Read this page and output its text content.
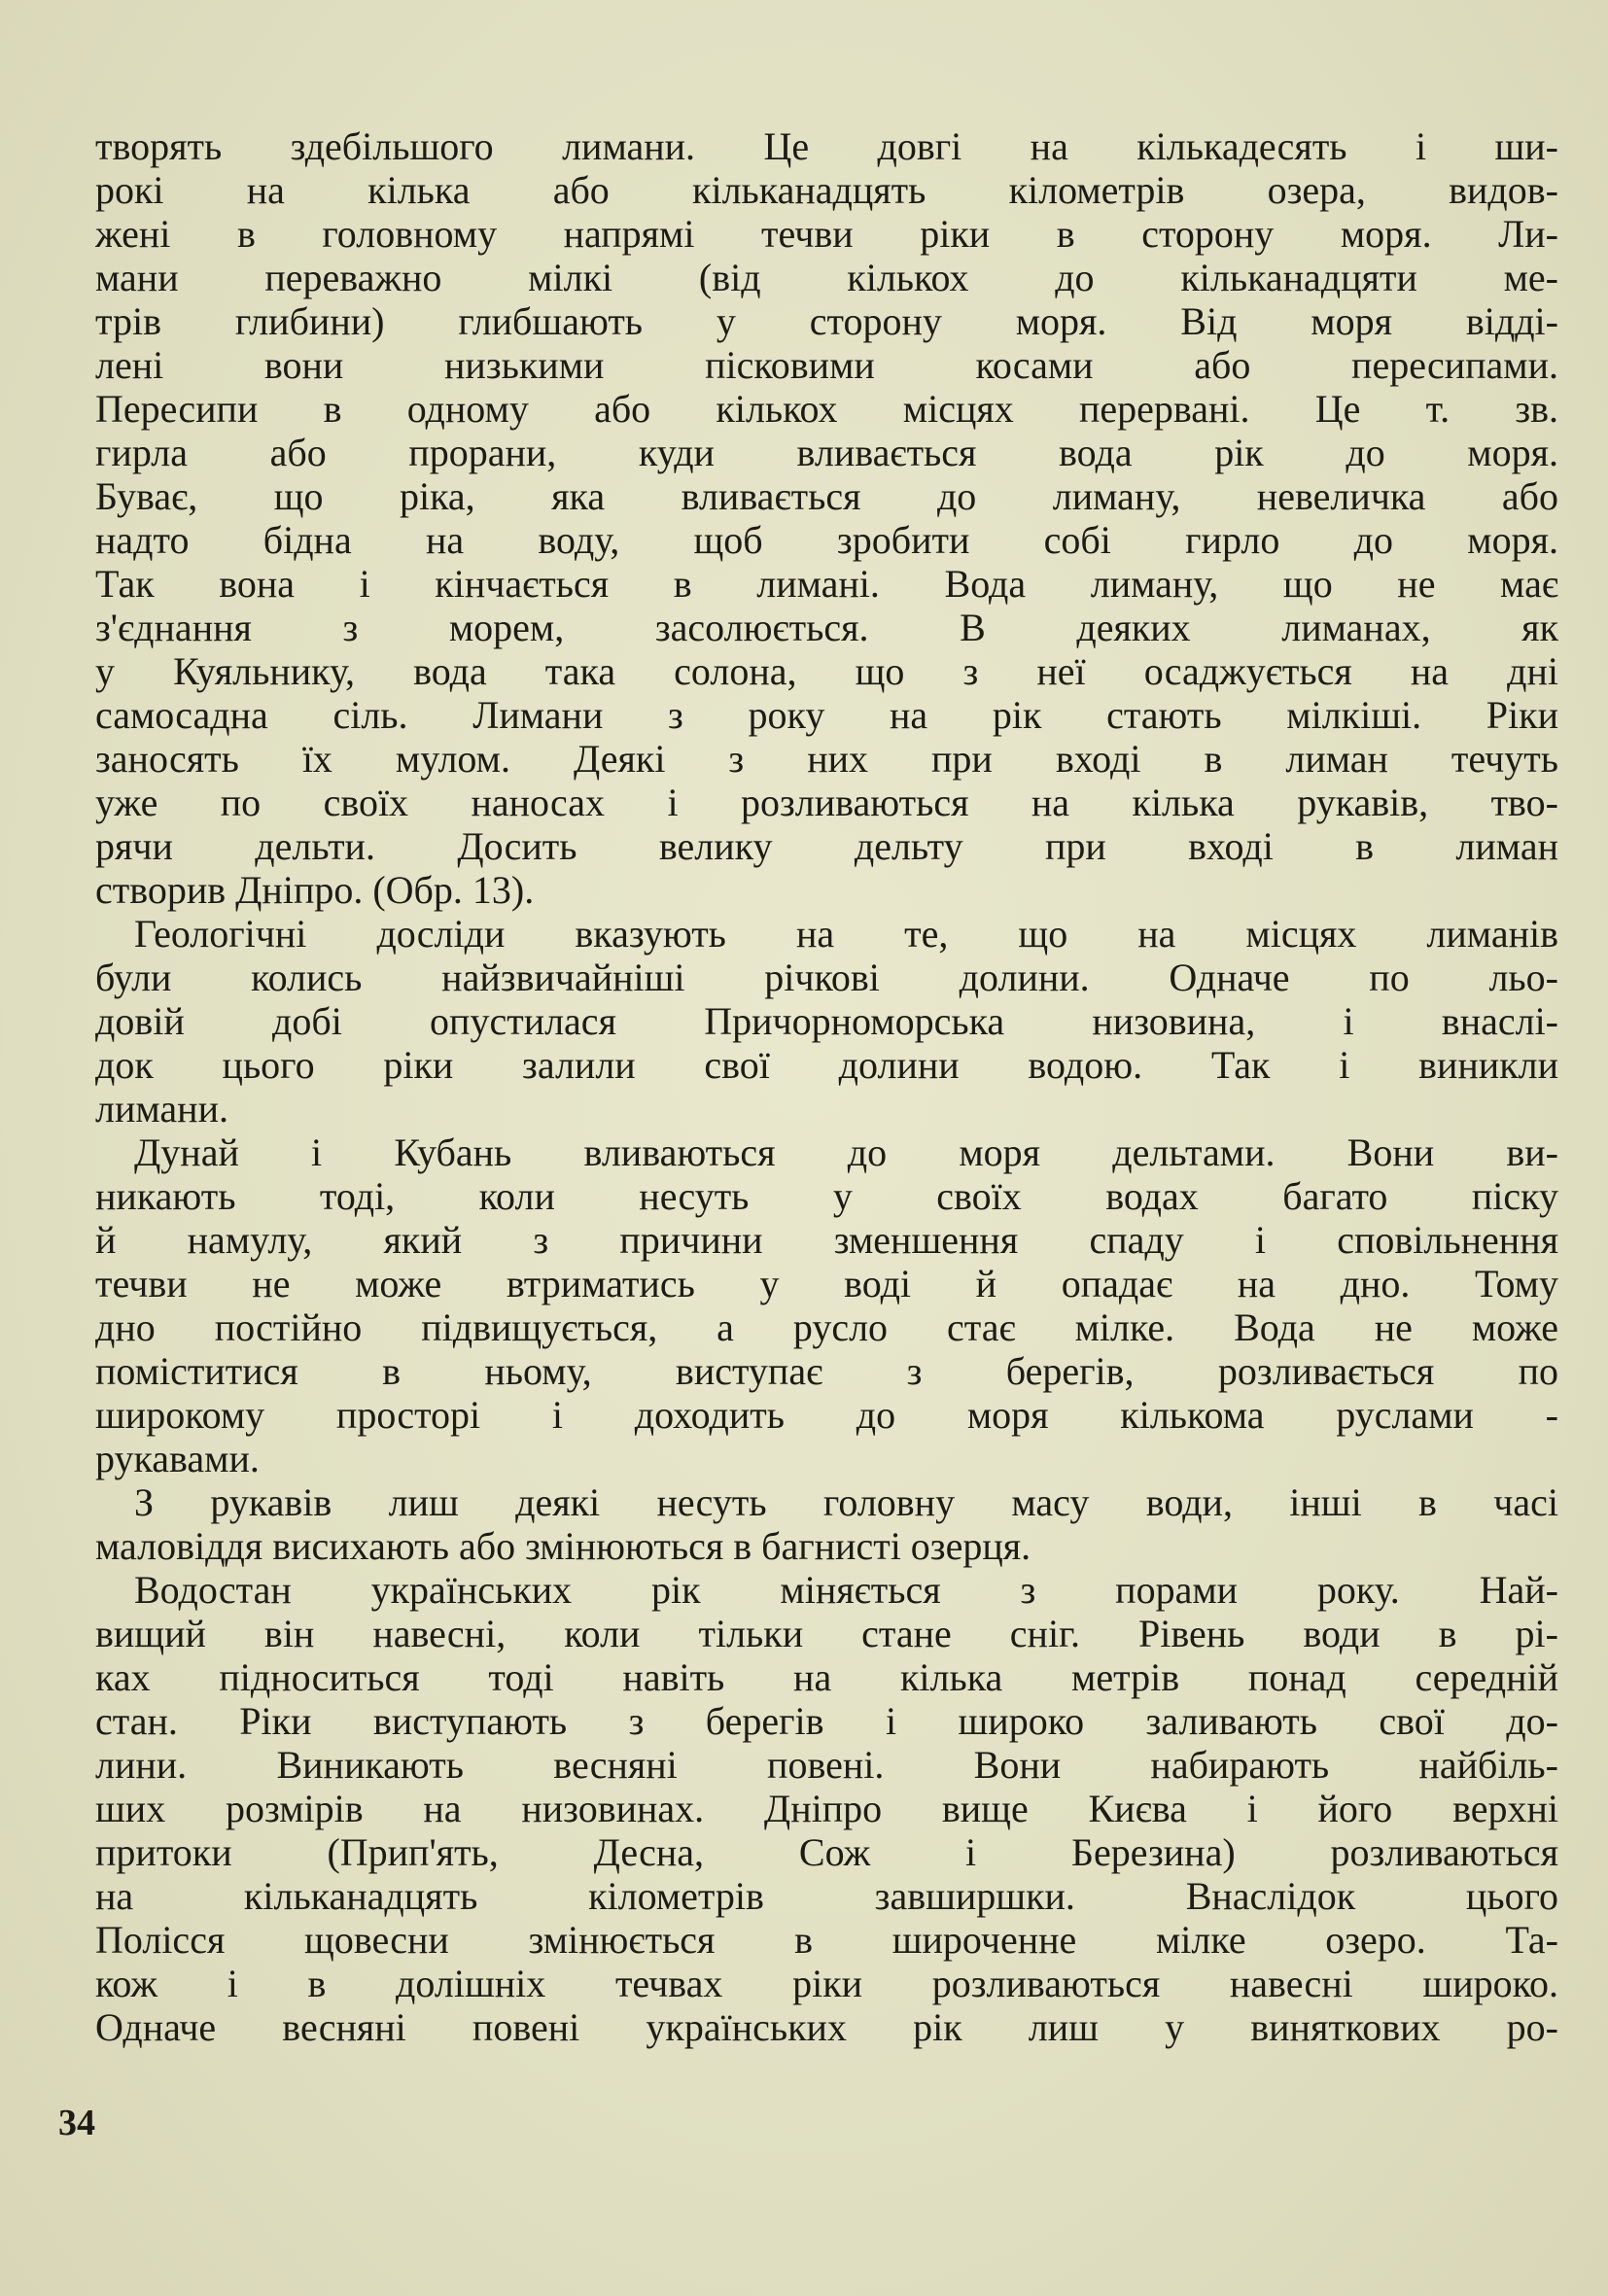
творять здебільшого лимани. Це довгі на кількадесять і ши-
рокі на кілька або кільканадцять кілометрів озера, видов-
жені в головному напрямі течви ріки в сторону моря. Ли-
мани переважно мілкі (від кількох до кільканадцяти ме-
трів глибини) глибшають у сторону моря. Від моря відді-
лені вони низькими пісковими косами або пересипами.
Пересипи в одному або кількох місцях перервані. Це т. зв.
гирла або прорани, куди вливається вода рік до моря.
Буває, що ріка, яка вливається до лиману, невеличка або
надто бідна на воду, щоб зробити собі гирло до моря.
Так вона і кінчається в лимані. Вода лиману, що не має
з'єднання з морем, засолюється. В деяких лиманах, як
у Куяльнику, вода така солона, що з неї осаджується на дні
самосадна сіль. Лимани з року на рік стають мілкіші. Ріки
заносять їх мулом. Деякі з них при вході в лиман течуть
уже по своїх наносах і розливаються на кілька рукавів, тво-
рячи дельти. Досить велику дельту при вході в лиман
створив Дніпро. (Обр. 13).
Геологічні досліди вказують на те, що на місцях лиманів
були колись найзвичайніші річкові долини. Одначе по льо-
довій добі опустилася Причорноморська низовина, і внаслі-
док цього ріки залили свої долини водою. Так і виникли
лимани.
Дунай і Кубань вливаються до моря дельтами. Вони ви-
никають тоді, коли несуть у своїх водах багато піску
й намулу, який з причини зменшення спаду і сповільнення
течви не може втриматись у воді й опадає на дно. Тому
дно постійно підвищується, а русло стає мілке. Вода не може
поміститися в ньому, виступає з берегів, розливається по
широкому просторі і доходить до моря кількома руслами -
рукавами.
З рукавів лиш деякі несуть головну масу води, інші в часі
маловіддя висихають або змінюються в багнисті озерця.
Водостан українських рік міняється з порами року. Най-
вищий він навесні, коли тільки стане сніг. Рівень води в рі-
ках підноситься тоді навіть на кілька метрів понад середній
стан. Ріки виступають з берегів і широко заливають свої до-
лини. Виникають весняні повені. Вони набирають найбіль-
ших розмірів на низовинах. Дніпро вище Києва і його верхні
притоки (Прип'ять, Десна, Сож і Березина) розливаються
на кільканадцять кілометрів завширшки. Внаслідок цього
Полісся щовесни змінюється в широченне мілке озеро. Та-
кож і в долішніх течвах ріки розливаються навесні широко.
Одначе весняні повені українських рік лиш у виняткових ро-
34
